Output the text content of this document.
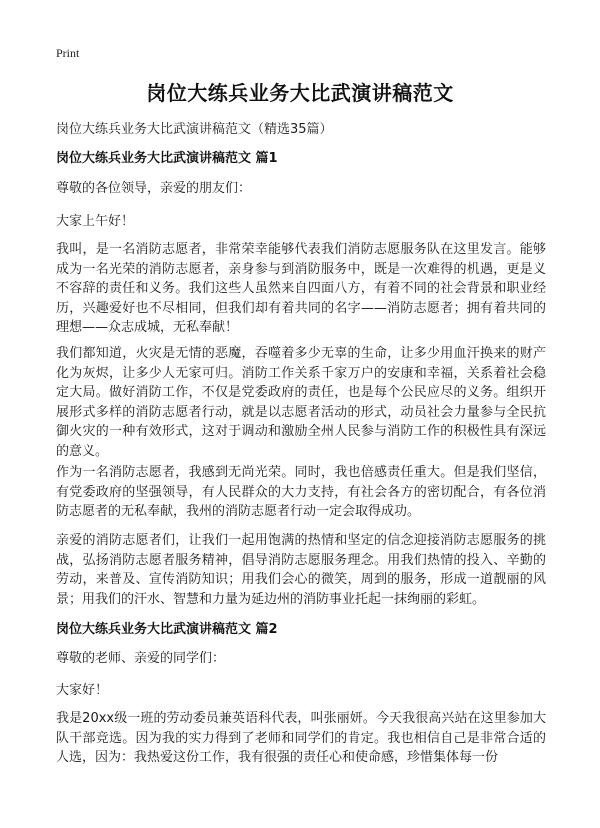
Print
岗位大练兵业务大比武演讲稿范文
岗位大练兵业务大比武演讲稿范文（精选35篇）
岗位大练兵业务大比武演讲稿范文 篇1

尊敬的各位领导，亲爱的朋友们：

大家上午好！

我叫，是一名消防志愿者，非常荣幸能够代表我们消防志愿服务队在这里发言。能够成为一名光荣的消防志愿者，亲身参与到消防服务中，既是一次难得的机遇，更是义不容辞的责任和义务。我们这些人虽然来自四面八方，有着不同的社会背景和职业经历，兴趣爱好也不尽相同，但我们却有着共同的名字——消防志愿者；拥有着共同的理想——众志成城，无私奉献！

我们都知道，火灾是无情的恶魔，吞噬着多少无辜的生命，让多少用血汗换来的财产化为灰烬，让多少人无家可归。消防工作关系千家万户的安康和幸福，关系着社会稳定大局。做好消防工作，不仅是党委政府的责任，也是每个公民应尽的义务。组织开展形式多样的消防志愿者行动，就是以志愿者活动的形式，动员社会力量参与全民抗御火灾的一种有效形式，这对于调动和激励全州人民参与消防工作的积极性具有深远的意义。

作为一名消防志愿者，我感到无尚光荣。同时，我也倍感责任重大。但是我们坚信，有党委政府的坚强领导，有人民群众的大力支持，有社会各方的密切配合，有各位消防志愿者的无私奉献，我州的消防志愿者行动一定会取得成功。

亲爱的消防志愿者们，让我们一起用饱满的热情和坚定的信念迎接消防志愿服务的挑战，弘扬消防志愿者服务精神，倡导消防志愿服务理念。用我们热情的投入、辛勤的劳动，来普及、宣传消防知识；用我们会心的微笑，周到的服务，形成一道靓丽的风景；用我们的汗水、智慧和力量为延边州的消防事业托起一抹绚丽的彩虹。

岗位大练兵业务大比武演讲稿范文 篇2

尊敬的老师、亲爱的同学们：

大家好！

我是20xx级一班的劳动委员兼英语科代表，叫张丽妍。今天我很高兴站在这里参加大队干部竞选。因为我的实力得到了老师和同学们的肯定。我也相信自己是非常合适的人选，因为：我热爱这份工作，我有很强的责任心和使命感，珍惜集体每一份
